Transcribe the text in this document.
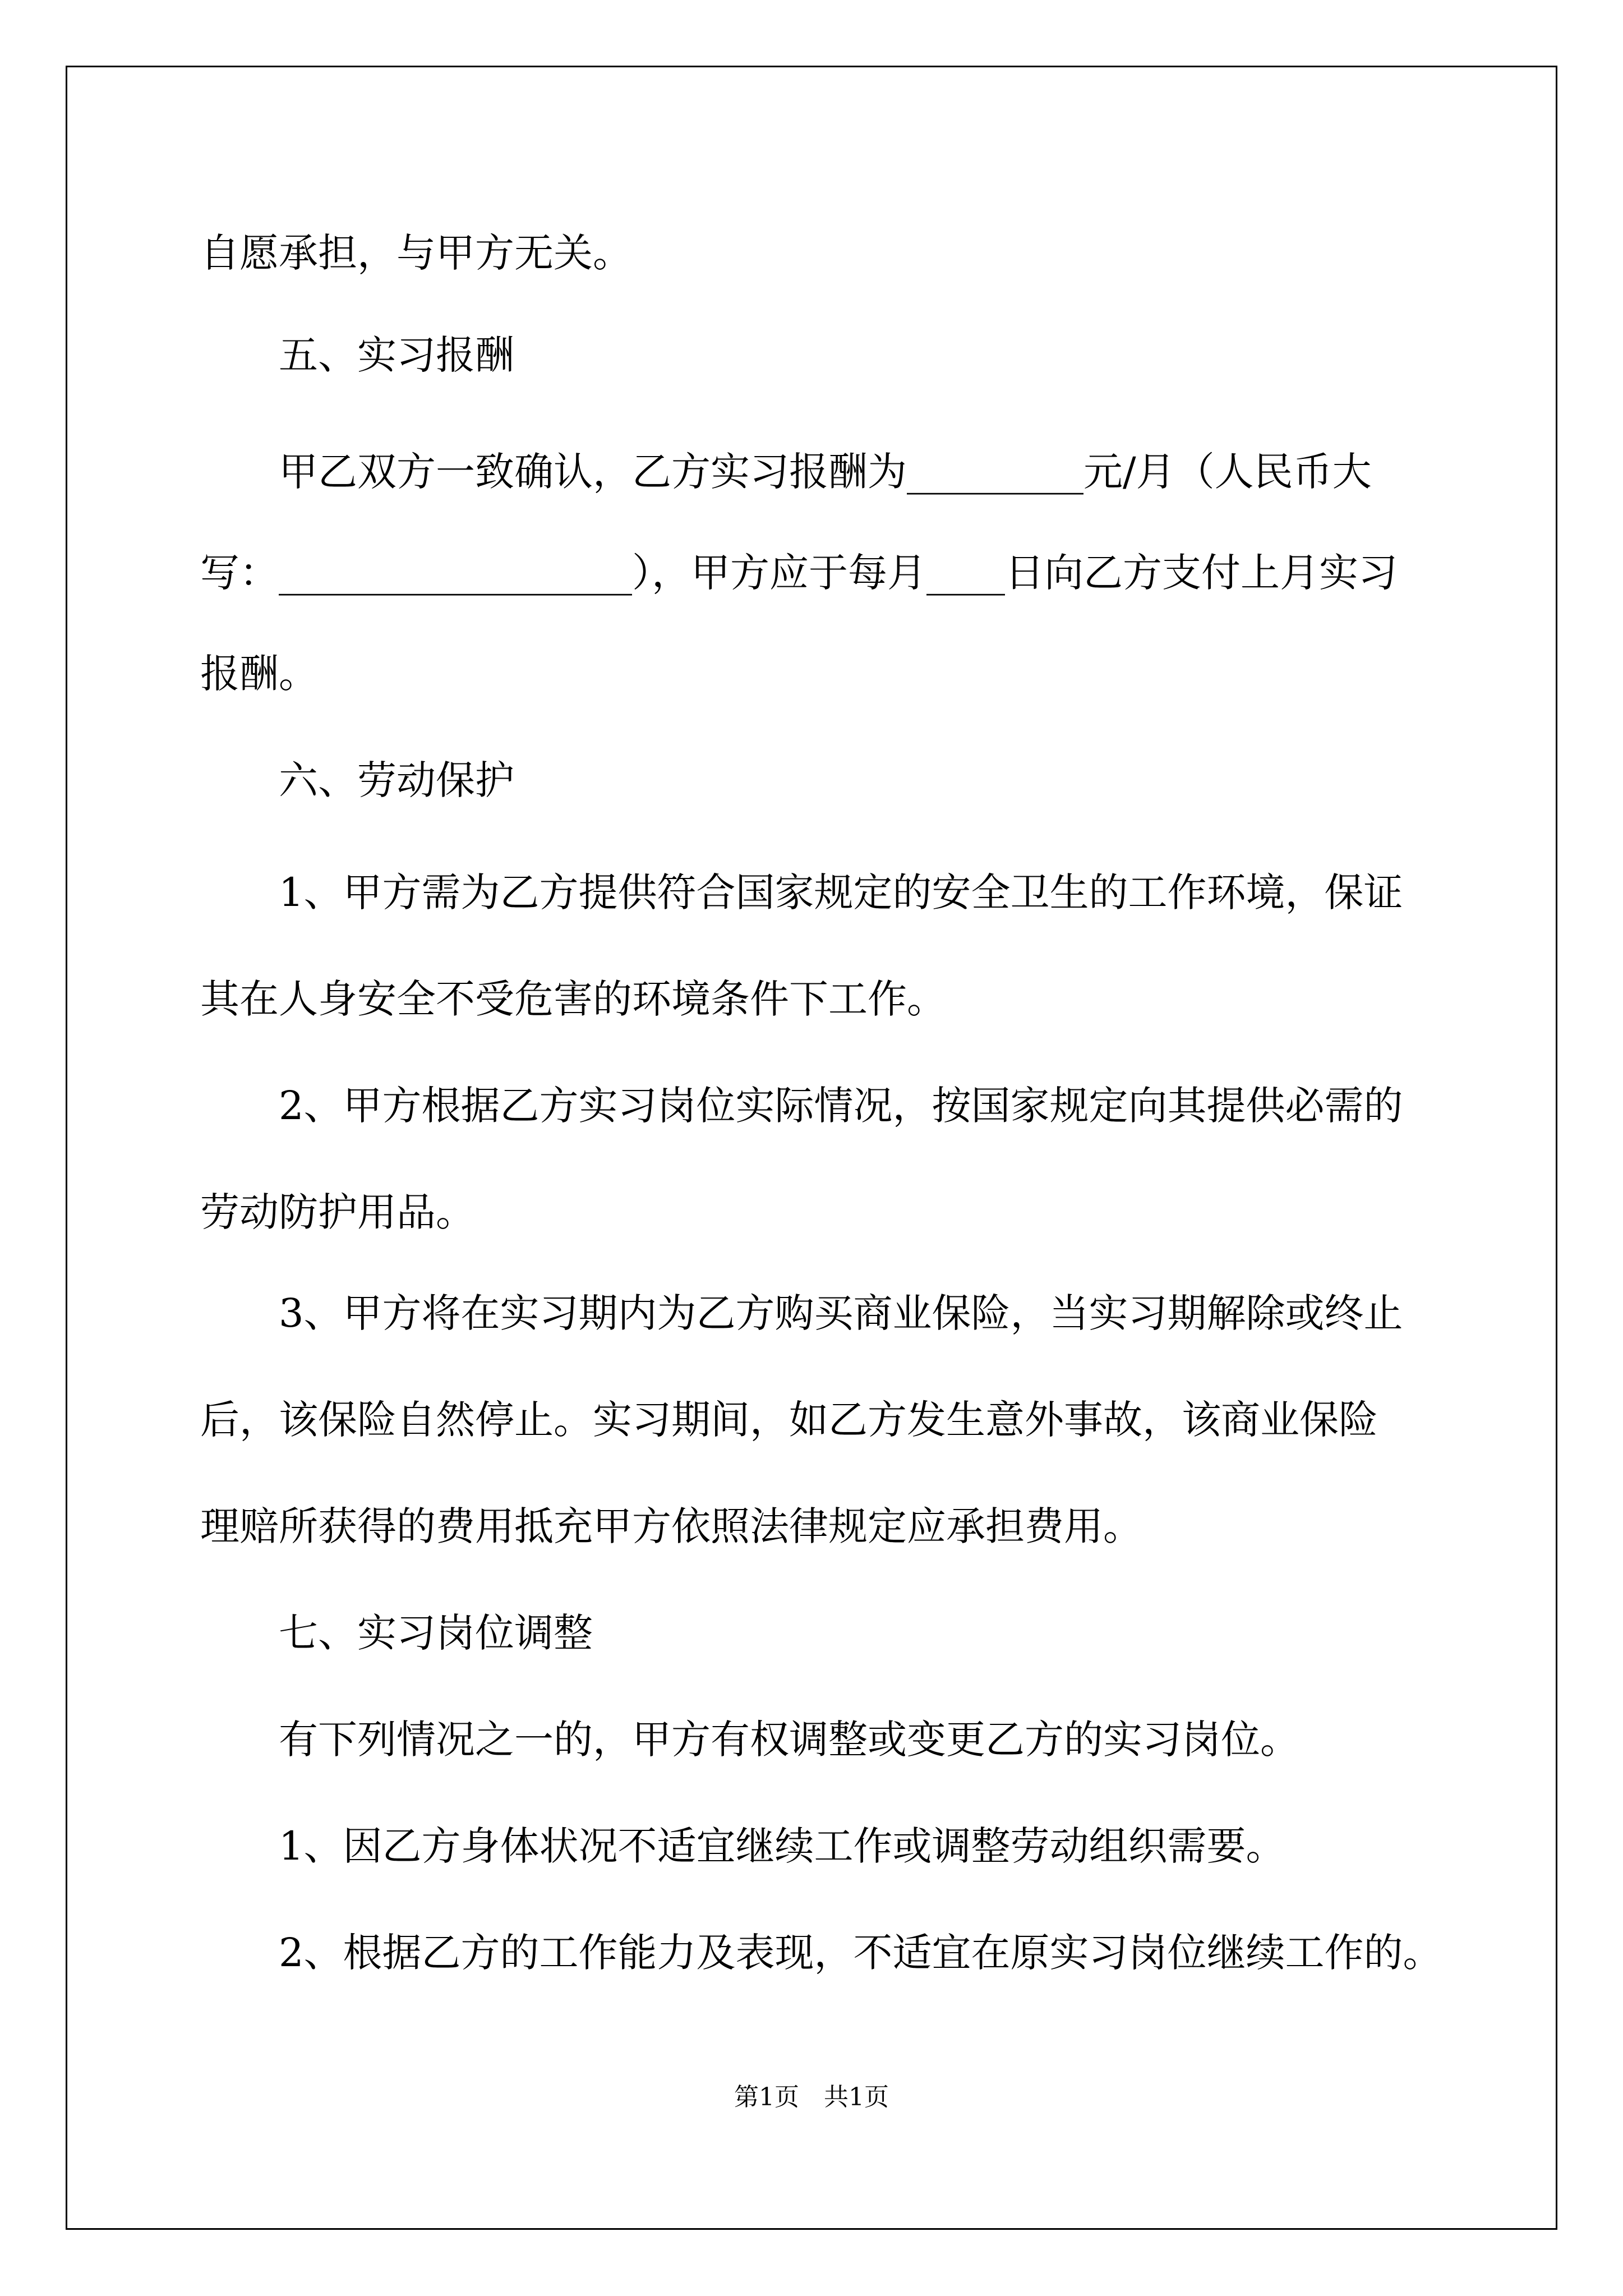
自愿承担，与甲方无关。

五、实习报酬

甲乙双方一致确认，乙方实习报酬为_________元/月（人民币大

写：__________________），甲方应于每月____日向乙方支付上月实习

报酬。

六、劳动保护

1、甲方需为乙方提供符合国家规定的安全卫生的工作环境，保证

其在人身安全不受危害的环境条件下工作。

2、甲方根据乙方实习岗位实际情况，按国家规定向其提供必需的

劳动防护用品。

3、甲方将在实习期内为乙方购买商业保险，当实习期解除或终止

后，该保险自然停止。实习期间，如乙方发生意外事故，该商业保险

理赔所获得的费用抵充甲方依照法律规定应承担费用。

七、实习岗位调整

有下列情况之一的，甲方有权调整或变更乙方的实习岗位。

1、因乙方身体状况不适宜继续工作或调整劳动组织需要。

2、根据乙方的工作能力及表现，不适宜在原实习岗位继续工作的。

第1页　共1页
